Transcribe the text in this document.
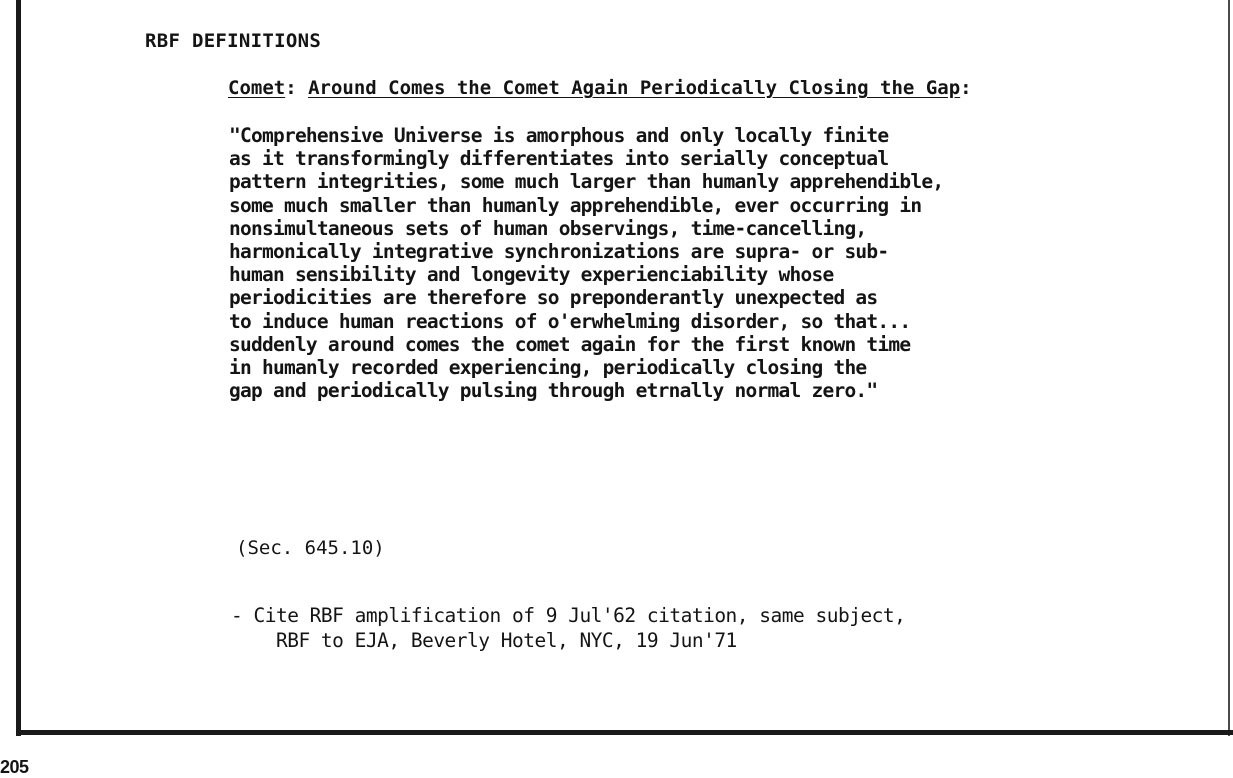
RBF DEFINITIONS
Comet: Around Comes the Comet Again Periodically Closing the Gap:
"Comprehensive Universe is amorphous and only locally finite
as it transformingly differentiates into serially conceptual
pattern integrities, some much larger than humanly apprehendible,
some much smaller than humanly apprehendible, ever occurring in
nonsimultaneous sets of human observings, time-cancelling,
harmonically integrative synchronizations are supra- or sub-
human sensibility and longevity experienciability whose
periodicities are therefore so preponderantly unexpected as
to induce human reactions of o'erwhelming disorder, so that...
suddenly around comes the comet again for the first known time
in humanly recorded experiencing, periodically closing the
gap and periodically pulsing through etrnally normal zero."
(Sec. 645.10)
- Cite RBF amplification of 9 Jul'62 citation, same subject,
RBF to EJA, Beverly Hotel, NYC, 19 Jun'71
205
